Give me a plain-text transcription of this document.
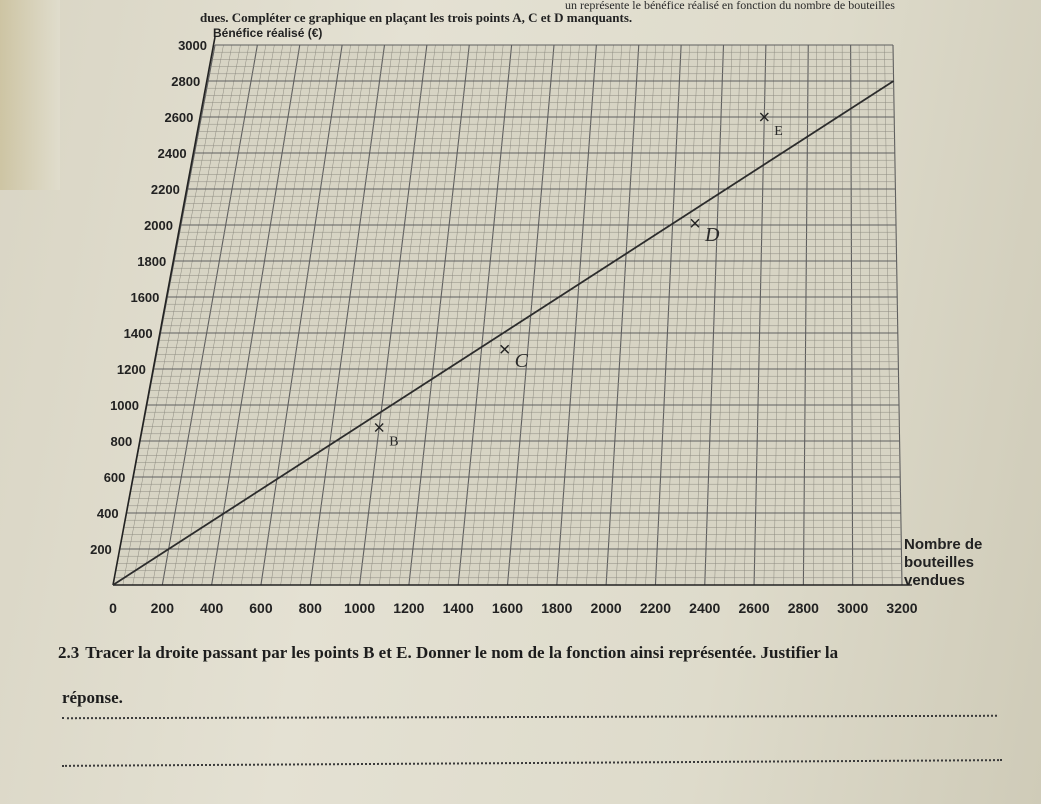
un représente le bénéfice réalisé en fonction du nombre de bouteilles
dues. Compléter ce graphique en plaçant les trois points A, C et D manquants.
0 200 400 600 800 1000 1200 1400 1600 1800 2000 2200 2400 2600 2800 3000 3200
200
400
600
800
1000
1200
1400
1600
1800
2000
2200
2400
2600
2800
3000
Bénéfice réalisé (€)
Nombre de
bouteilles
vendues
B
C
D
E
2.3 Tracer la droite passant par les points B et E. Donner le nom de la fonction ainsi représentée. Justifier la
réponse.
